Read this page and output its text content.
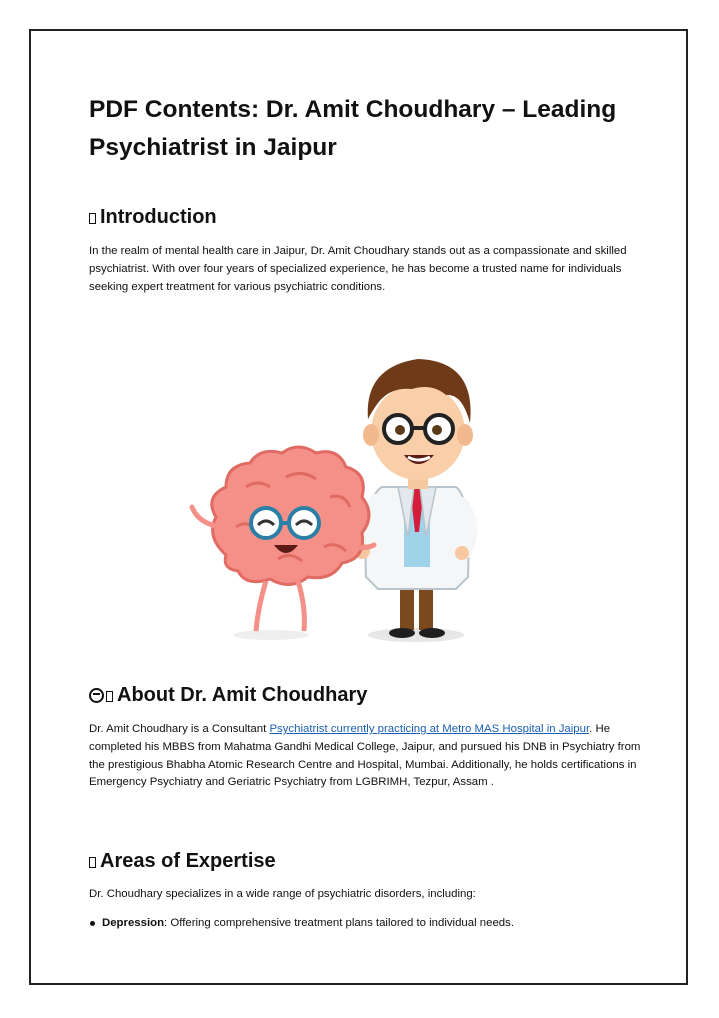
PDF Contents: Dr. Amit Choudhary – Leading Psychiatrist in Jaipur
Introduction

In the realm of mental health care in Jaipur, Dr. Amit Choudhary stands out as a compassionate and skilled psychiatrist. With over four years of specialized experience, he has become a trusted name for individuals seeking expert treatment for various psychiatric conditions.

About Dr. Amit Choudhary

Dr. Amit Choudhary is a Consultant Psychiatrist currently practicing at Metro MAS Hospital in Jaipur. He completed his MBBS from Mahatma Gandhi Medical College, Jaipur, and pursued his DNB in Psychiatry from the prestigious Bhabha Atomic Research Centre and Hospital, Mumbai. Additionally, he holds certifications in Emergency Psychiatry and Geriatric Psychiatry from LGBRIMH, Tezpur, Assam .

Areas of Expertise

Dr. Choudhary specializes in a wide range of psychiatric disorders, including:

Depression: Offering comprehensive treatment plans tailored to individual needs.
